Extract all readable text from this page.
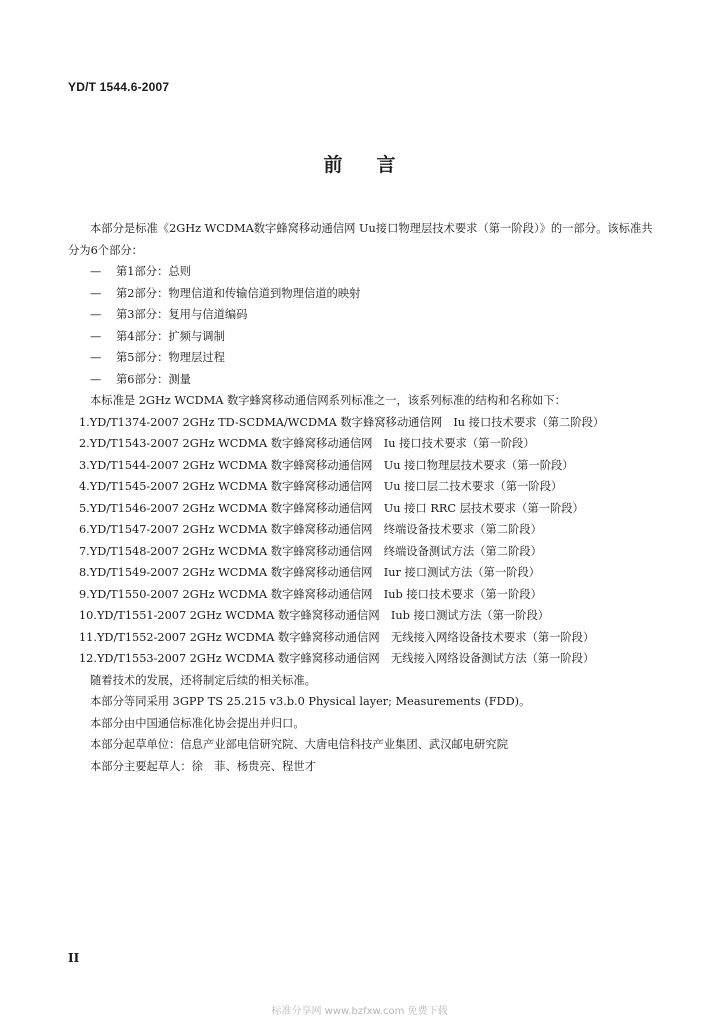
YD/T 1544.6-2007
前言

本部分是标准《2GHz WCDMA数字蜂窝移动通信网 Uu接口物理层技术要求（第一阶段）》的一部分。该标准共分为6个部分：

— 第1部分：总则

— 第2部分：物理信道和传输信道到物理信道的映射

— 第3部分：复用与信道编码

— 第4部分：扩频与调制

— 第5部分：物理层过程

— 第6部分：测量

本标准是 2GHz WCDMA 数字蜂窝移动通信网系列标准之一，该系列标准的结构和名称如下：

1.YD/T1374-2007 2GHz TD-SCDMA/WCDMA 数字蜂窝移动通信网　Iu 接口技术要求（第二阶段）

2.YD/T1543-2007 2GHz WCDMA 数字蜂窝移动通信网　Iu 接口技术要求（第一阶段）

3.YD/T1544-2007 2GHz WCDMA 数字蜂窝移动通信网　Uu 接口物理层技术要求（第一阶段）

4.YD/T1545-2007 2GHz WCDMA 数字蜂窝移动通信网　Uu 接口层二技术要求（第一阶段）

5.YD/T1546-2007 2GHz WCDMA 数字蜂窝移动通信网　Uu 接口 RRC 层技术要求（第一阶段）

6.YD/T1547-2007 2GHz WCDMA 数字蜂窝移动通信网　终端设备技术要求（第二阶段）

7.YD/T1548-2007 2GHz WCDMA 数字蜂窝移动通信网　终端设备测试方法（第二阶段）

8.YD/T1549-2007 2GHz WCDMA 数字蜂窝移动通信网　Iur 接口测试方法（第一阶段）

9.YD/T1550-2007 2GHz WCDMA 数字蜂窝移动通信网　Iub 接口技术要求（第一阶段）

10.YD/T1551-2007 2GHz WCDMA 数字蜂窝移动通信网　Iub 接口测试方法（第一阶段）

11.YD/T1552-2007 2GHz WCDMA 数字蜂窝移动通信网　无线接入网络设备技术要求（第一阶段）

12.YD/T1553-2007 2GHz WCDMA 数字蜂窝移动通信网　无线接入网络设备测试方法（第一阶段）

随着技术的发展，还将制定后续的相关标准。

本部分等同采用 3GPP TS 25.215 v3.b.0 Physical layer; Measurements (FDD)。

本部分由中国通信标准化协会提出并归口。

本部分起草单位：信息产业部电信研究院、大唐电信科技产业集团、武汉邮电研究院

本部分主要起草人：徐　菲、杨贵亮、程世才

II
标准分享网 www.bzfxw.com 免费下载
